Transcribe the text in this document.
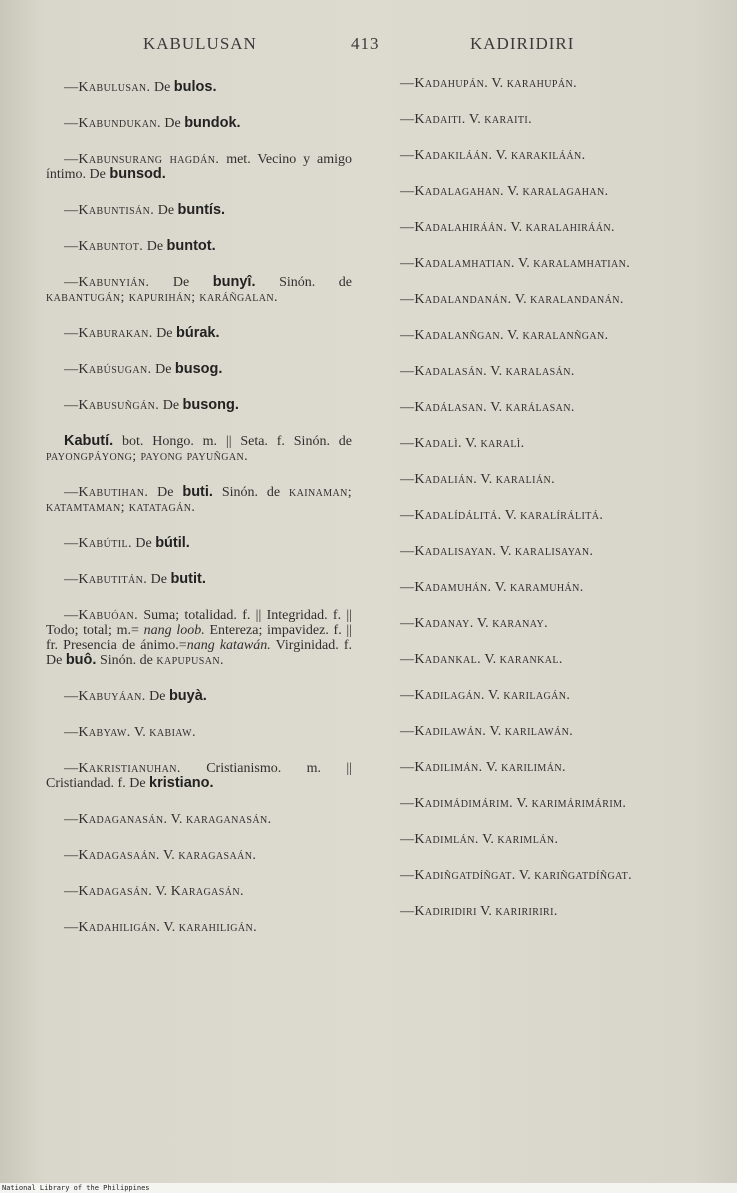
KABULUSAN	413	KADIRIDIRI

—Kabulusan. De bulos.

—Kabundukan. De bundok.

—Kabunsurang hagdán. met. Vecino y amigo íntimo. De bunsod.

—Kabuntisán. De buntís.

—Kabuntot. De buntot.

—Kabunyián. De bunyî. Sinón. de kabantugán; kapurihán; karáñgalan.

—Kaburakan. De búrak.

—Kabúsugan. De busog.

—Kabusuñgán. De busong.

Kabutí. bot. Hongo. m. || Seta. f. Sinón. de payongpáyong; payong payuñgan.

—Kabutihan. De buti. Sinón. de kainaman; katamtaman; katatagán.

—Kabútil. De bútil.

—Kabutitán. De butit.

—Kabuóan. Suma; totalidad. f. || Integridad. f. || Todo; total; m.= nang loob. Entereza; impavidez. f. || fr. Presencia de ánimo.=nang katawán. Virginidad. f. De buô. Sinón. de kapupusan.

—Kabuyáan. De buyà.

—Kabyaw. V. kabiaw.

—Kakristianuhan. Cristianismo. m. || Cristiandad. f. De kristiano.

—Kadaganasán. V. karaganasán.

—Kadagasaán. V. karagasaán.

—Kadagasán. V. Karagasán.

—Kadahiligán. V. karahiligán.

—Kadahupán. V. karahupán.

—Kadaiti. V. karaiti.

—Kadakiláán. V. karakiláán.

—Kadalagahan. V. karalagahan.

—Kadalahiráán. V. karalahiráán.

—Kadalamhatian. V. karalamhatian.

—Kadalandanán. V. karalandanán.

—Kadalanñgan. V. karalanñgan.

—Kadalasán. V. karalasán.

—Kadálasan. V. karálasan.

—Kadalì. V. karalì.

—Kadalián. V. karalián.

—Kadalídálitá. V. karalírálitá.

—Kadalisayan. V. karalisayan.

—Kadamuhán. V. karamuhán.

—Kadanay. V. karanay.

—Kadankal. V. karankal.

—Kadilagán. V. karilagán.

—Kadilawán. V. karilawán.

—Kadilimán. V. karilimán.

—Kadimádimárim. V. karimárimárim.

—Kadimlán. V. karimlán.

—Kadiñgatdíñgat. V. kariñgatdíñgat.

—Kadiridiri V. kariririri.

National Library of the Philippines
